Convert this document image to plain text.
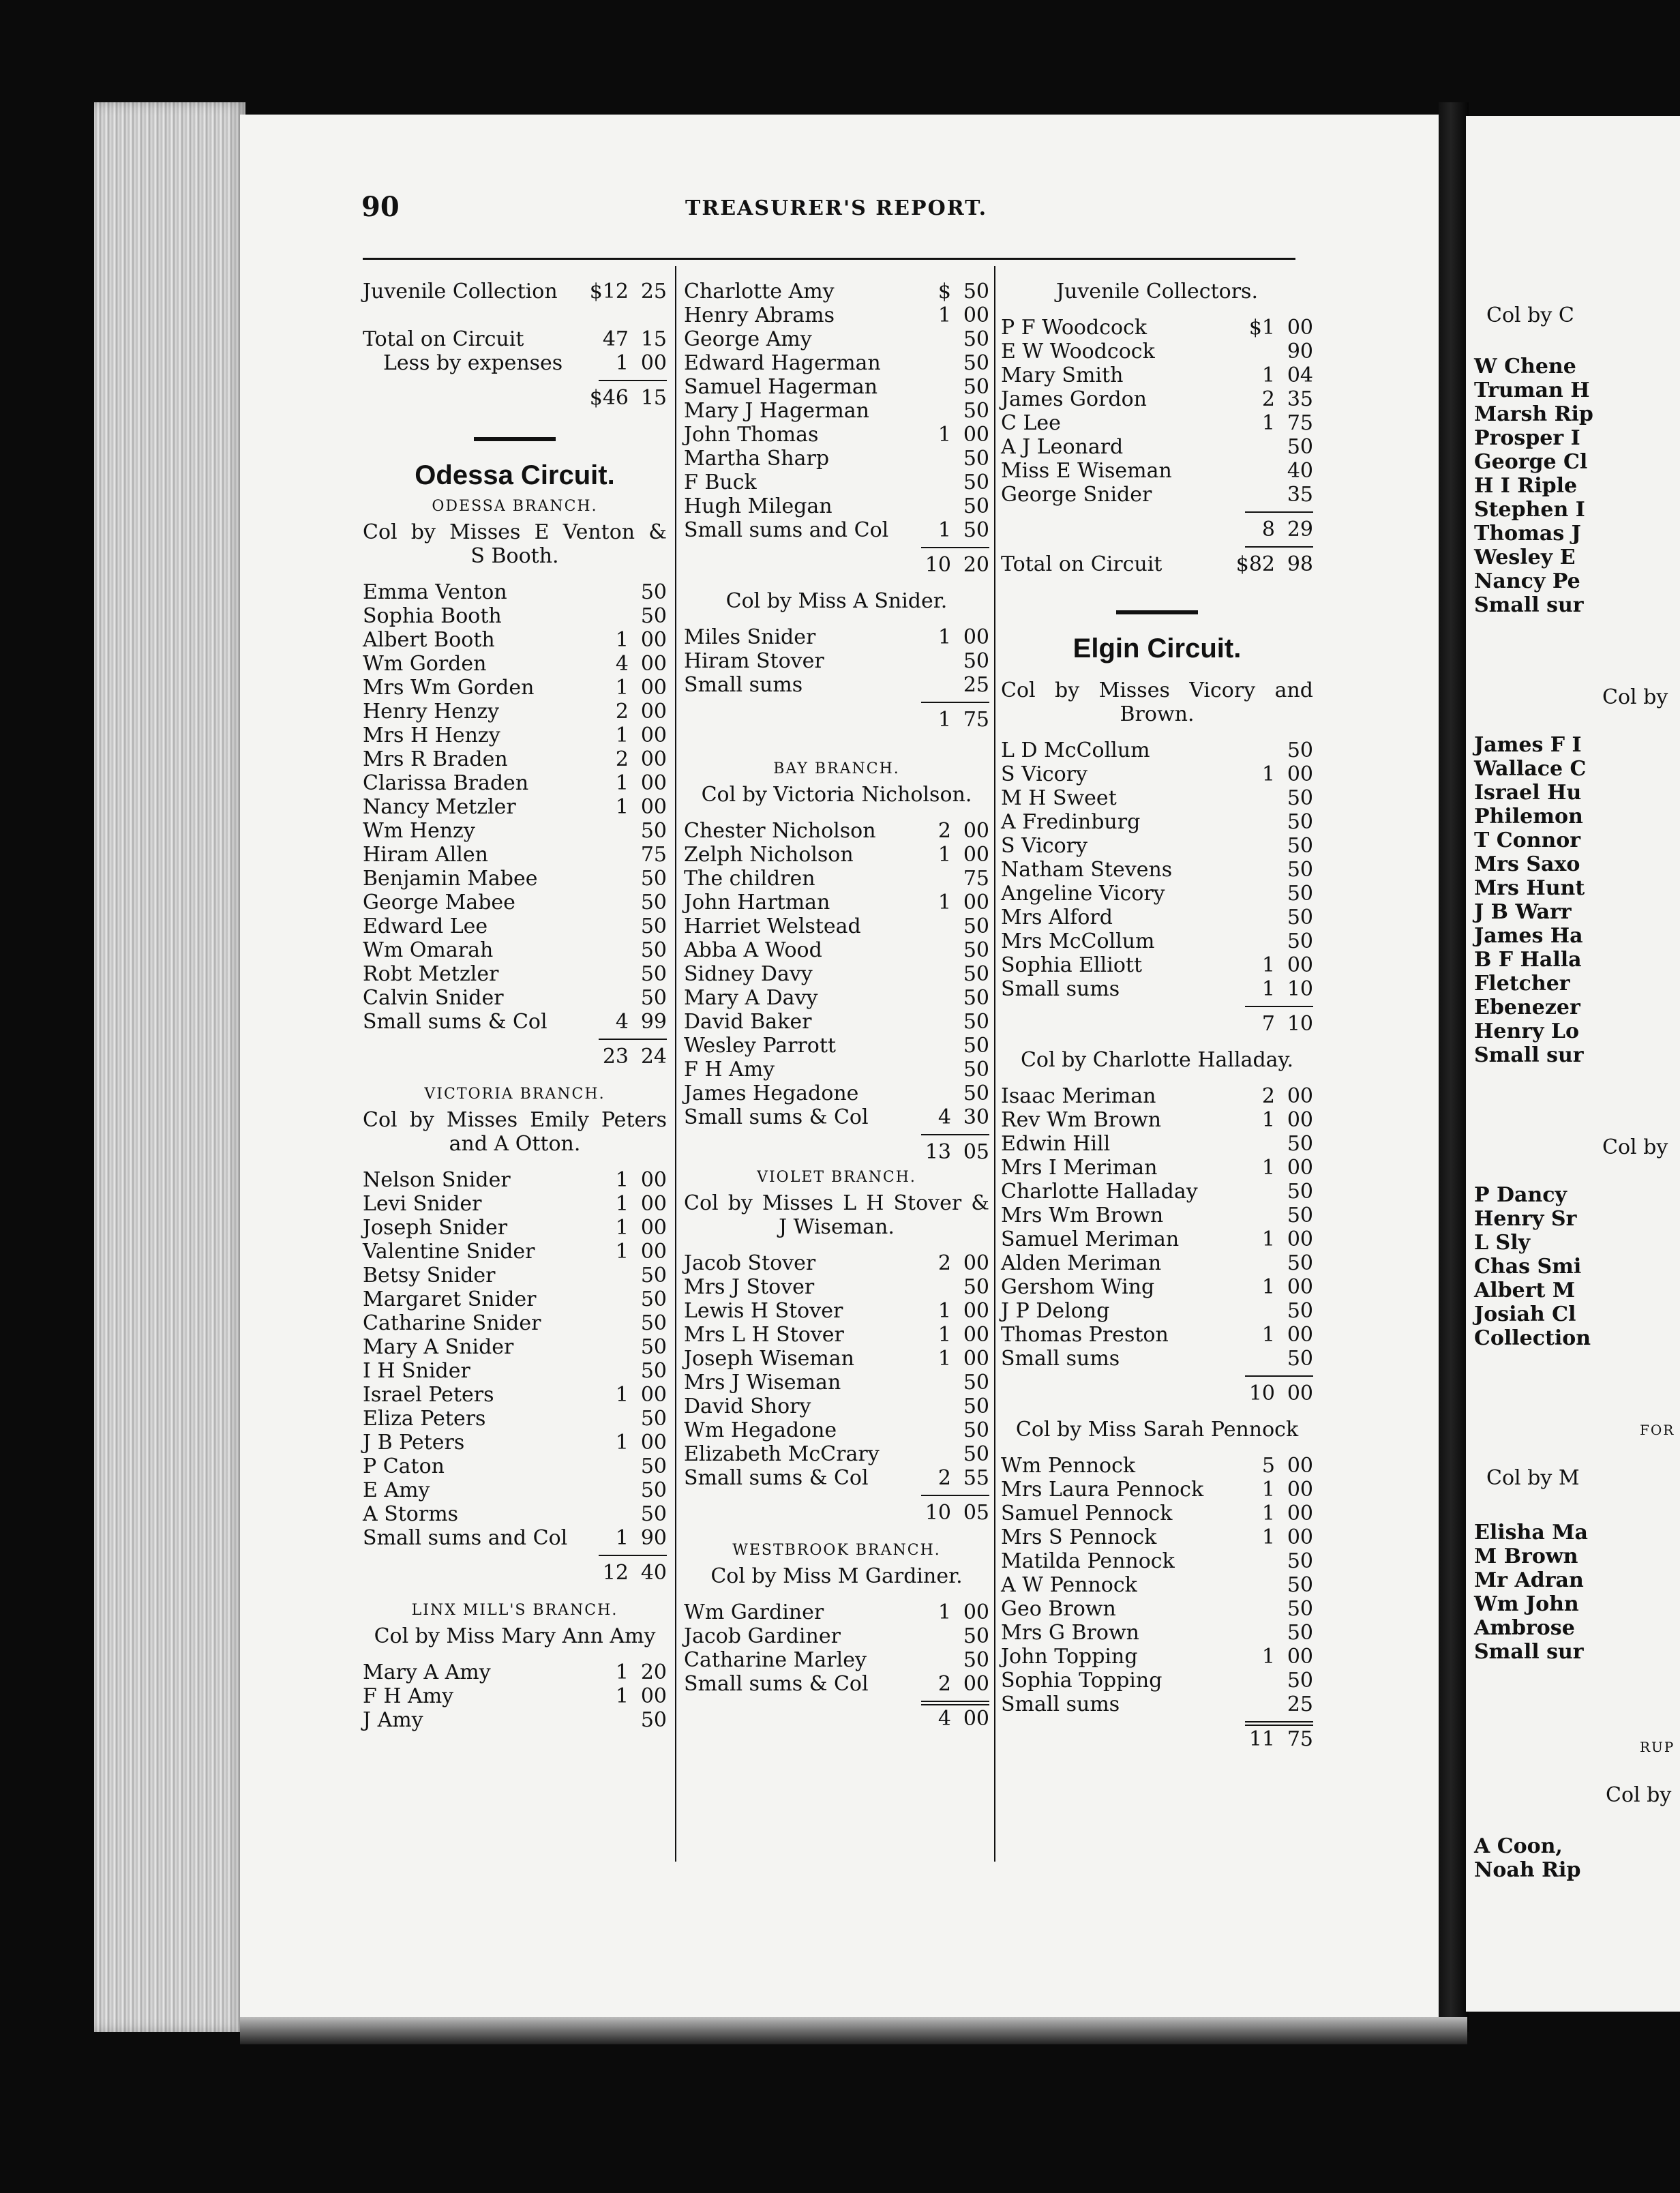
90	TREASURER'S REPORT.
Juvenile Collection $12 25
Total on Circuit	47 15
Less by expenses	1 00
$46 15
Odessa Circuit.
ODESSA BRANCH.
Col by Misses E Venton &
S Booth.
Emma Venton	50
Sophia Booth	50
Albert Booth	1 00
Wm Gorden	4 00
Mrs Wm Gorden	1 00
Henry Henzy	2 00
Mrs H Henzy	1 00
Mrs R Braden	2 00
Clarissa Braden	1 00
Nancy Metzler	1 00
Wm Henzy	50
Hiram Allen	75
Benjamin Mabee	50
George Mabee	50
Edward Lee	50
Wm Omarah	50
Robt Metzler	50
Calvin Snider	50
Small sums & Col	4 99
23 24
VICTORIA BRANCH.
Col by Misses Emily Peters
and A Otton.
Nelson Snider	1 00
Levi Snider	1 00
Joseph Snider	1 00
Valentine Snider	1 00
Betsy Snider	50
Margaret Snider	50
Catharine Snider	50
Mary A Snider	50
I H Snider	50
Israel Peters	1 00
Eliza Peters	50
J B Peters	1 00
P Caton	50
E Amy	50
A Storms	50
Small sums and Col 1 90
12 40
LINX MILL'S BRANCH.
Col by Miss Mary Ann Amy
Mary A Amy	1 20
F H Amy	1 00
J Amy	50
Charlotte Amy	$ 50
Henry Abrams	1 00
George Amy	50
Edward Hagerman	50
Samuel Hagerman	50
Mary J Hagerman	50
John Thomas	1 00
Martha Sharp	50
F Buck	50
Hugh Milegan	50
Small sums and Col 1 50
10 20
Col by Miss A Snider.
Miles Snider	1 00
Hiram Stover	50
Small sums	25
1 75
BAY BRANCH.
Col by Victoria Nicholson.
Chester Nicholson	2 00
Zelph Nicholson	1 00
The children	75
John Hartman	1 00
Harriet Welstead	50
Abba A Wood	50
Sidney Davy	50
Mary A Davy	50
David Baker	50
Wesley Parrott	50
F H Amy	50
James Hegadone	50
Small sums & Col	4 30
13 05
VIOLET BRANCH.
Col by Misses L H Stover &
J Wiseman.
Jacob Stover	2 00
Mrs J Stover	50
Lewis H Stover	1 00
Mrs L H Stover	1 00
Joseph Wiseman	1 00
Mrs J Wiseman	50
David Shory	50
Wm Hegadone	50
Elizabeth McCrary	50
Small sums & Col	2 55
10 05
WESTBROOK BRANCH.
Col by Miss M Gardiner.
Wm Gardiner	1 00
Jacob Gardiner	50
Catharine Marley	50
Small sums & Col	2 00
4 00
Juvenile Collectors.
P F Woodcock	$1 00
E W Woodcock	90
Mary Smith	1 04
James Gordon	2 35
C Lee	1 75
A J Leonard	50
Miss E Wiseman	40
George Snider	35
8 29
Total on Circuit	$82 98
Elgin Circuit.
Col by Misses Vicory and
Brown.
L D McCollum	50
S Vicory	1 00
M H Sweet	50
A Fredinburg	50
S Vicory	50
Natham Stevens	50
Angeline Vicory	50
Mrs Alford	50
Mrs McCollum	50
Sophia Elliott	1 00
Small sums	1 10
7 10
Col by Charlotte Halladay.
Isaac Meriman	2 00
Rev Wm Brown	1 00
Edwin Hill	50
Mrs I Meriman	1 00
Charlotte Halladay	50
Mrs Wm Brown	50
Samuel Meriman	1 00
Alden Meriman	50
Gershom Wing	1 00
J P Delong	50
Thomas Preston	1 00
Small sums	50
10 00
Col by Miss Sarah Pennock
Wm Pennock	5 00
Mrs Laura Pennock	1 00
Samuel Pennock	1 00
Mrs S Pennock	1 00
Matilda Pennock	50
A W Pennock	50
Geo Brown	50
Mrs G Brown	50
John Topping	1 00
Sophia Topping	50
Small sums	25
11 75
Col by C
W Chene
Truman H
Marsh Rip
Prosper I
George Cl
H I Riple
Stephen I
Thomas J
Wesley E
Nancy Pe
Small sur
Col by
James F I
Wallace C
Israel Hu
Philemon
T Connor
Mrs Saxo
Mrs Hunt
J B Warr
James Ha
B F Halla
Fletcher
Ebenezer
Henry Lo
Small sur
Col by
P Dancy
Henry Sr
L Sly
Chas Smi
Albert M
Josiah Cl
Collection
FOR
Col by M
Elisha Ma
M Brown
Mr Adran
Wm John
Ambrose
Small sur
RUP
Col by
A Coon,
Noah Rip
